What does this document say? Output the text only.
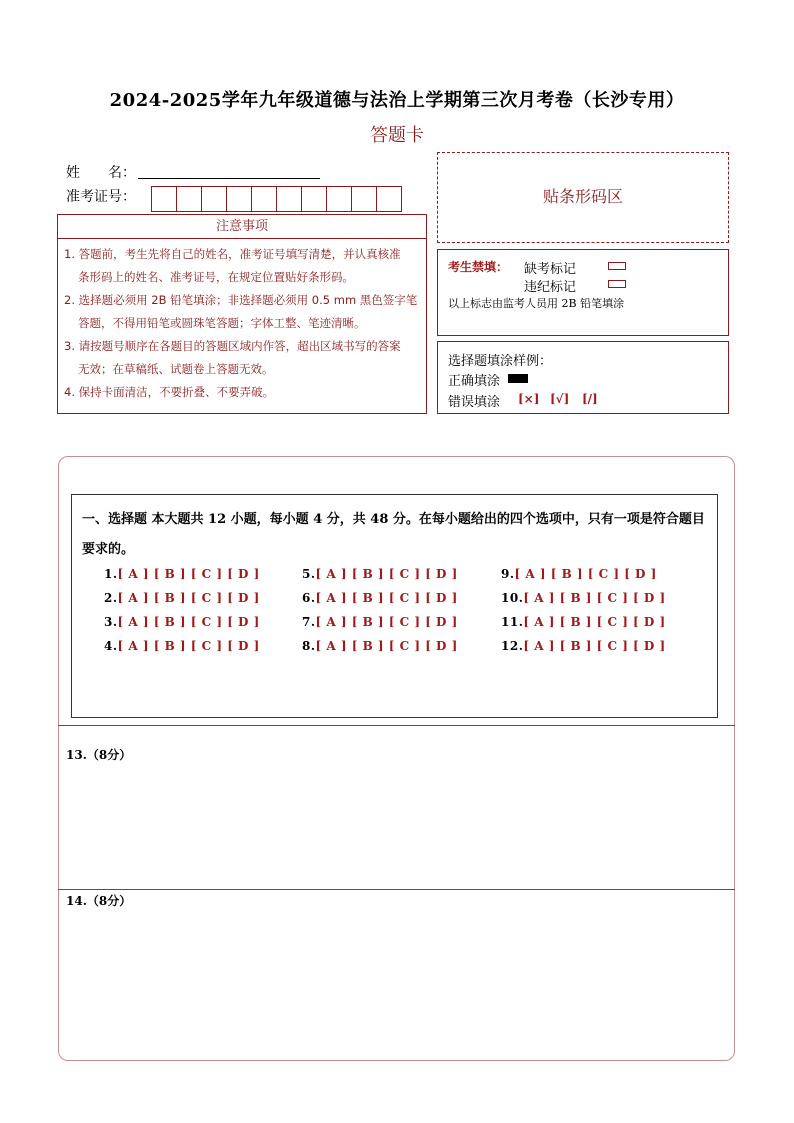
2024-2025学年九年级道德与法治上学期第三次月考卷（长沙专用）
答题卡
姓　　名：
准考证号：
注意事项
1. 答题前，考生先将自己的姓名，准考证号填写清楚，并认真核准
条形码上的姓名、准考证号，在规定位置贴好条形码。
2. 选择题必须用 2B 铅笔填涂；非选择题必须用 0.5 mm 黑色签字笔
答题，不得用铅笔或圆珠笔答题；字体工整、笔迹清晰。
3. 请按题号顺序在各题目的答题区域内作答，超出区域书写的答案
无效；在草稿纸、试题卷上答题无效。
4. 保持卡面清洁，不要折叠、不要弄破。
贴条形码区
考生禁填： 缺考标记
违纪标记
以上标志由监考人员用 2B 铅笔填涂
选择题填涂样例：
正确填涂
错误填涂 [×] [√] [/]
一、选择题 本大题共 12 小题，每小题 4 分，共 48 分。在每小题给出的四个选项中，只有一项是符合题目要求的。
1.[ A ] [ B ] [ C ] [ D ]
2.[ A ] [ B ] [ C ] [ D ]
3.[ A ] [ B ] [ C ] [ D ]
4.[ A ] [ B ] [ C ] [ D ]
5.[ A ] [ B ] [ C ] [ D ]
6.[ A ] [ B ] [ C ] [ D ]
7.[ A ] [ B ] [ C ] [ D ]
8.[ A ] [ B ] [ C ] [ D ]
9.[ A ] [ B ] [ C ] [ D ]
10.[ A ] [ B ] [ C ] [ D ]
11.[ A ] [ B ] [ C ] [ D ]
12.[ A ] [ B ] [ C ] [ D ]
13.（8分）
14.（8分）
